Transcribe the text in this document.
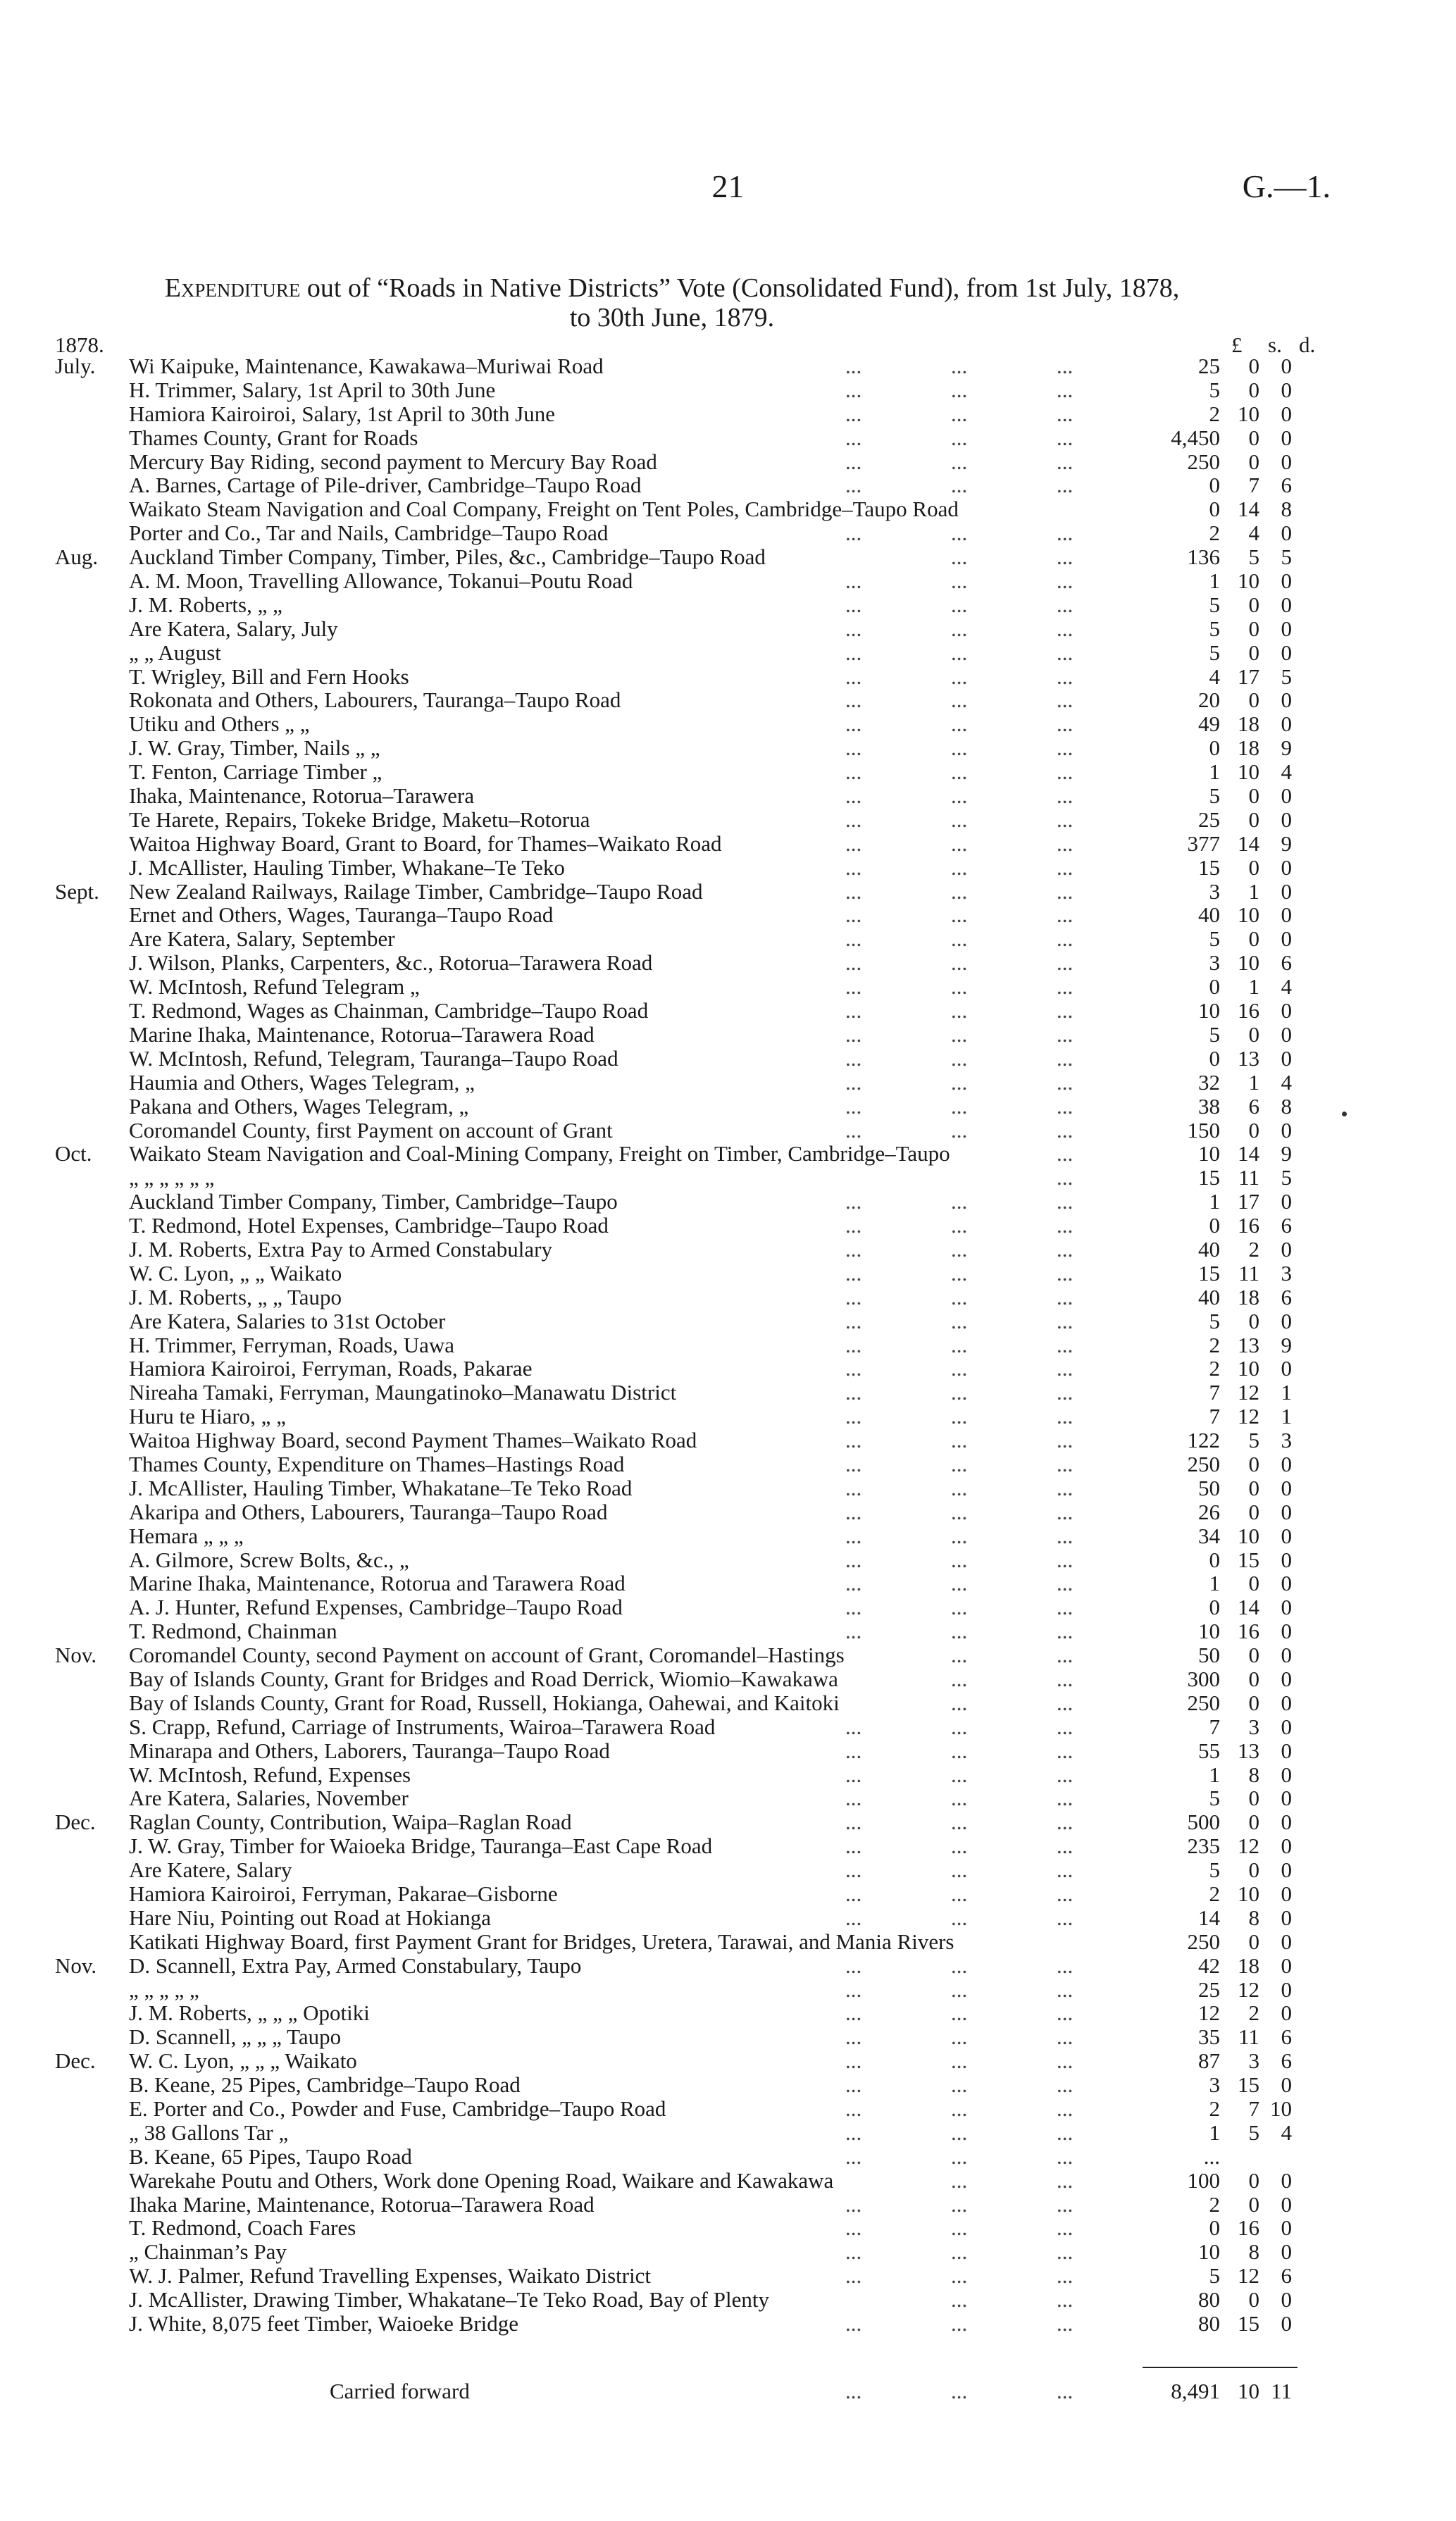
21	G.—1.
Expenditure out of “Roads in Native Districts” Vote (Consolidated Fund), from 1st July, 1878,
to 30th June, 1879.
1878.	£ s. d.
July. Wi Kaipuke, Maintenance, Kawakawa–Muriwai Road	...	...	...	25	0 0
H. Trimmer, Salary, 1st April to 30th June	...	...	...	5	0 0
Hamiora Kairoiroi, Salary, 1st April to 30th June	...	...	...	2 10 0
Thames County, Grant for Roads	...	...	...	4,450	0 0
Mercury Bay Riding, second payment to Mercury Bay Road	...	...	...	250	0 0
A. Barnes, Cartage of Pile-driver, Cambridge–Taupo Road	...	...	...	0	7 6
Waikato Steam Navigation and Coal Company, Freight on Tent Poles, Cambridge–Taupo Road	0 14 8
Porter and Co., Tar and Nails, Cambridge–Taupo Road	...	...	...	2	4 0
Aug. Auckland Timber Company, Timber, Piles, &c., Cambridge–Taupo Road	...	...	136	5 5
A. M. Moon, Travelling Allowance, Tokanui–Poutu Road	...	...	...	1 10 0
J. M. Roberts, „ „	...	...	...	5	0 0
Are Katera, Salary, July	...	...	...	5	0 0
„ „ August	...	...	...	5	0 0
T. Wrigley, Bill and Fern Hooks	...	...	...	4 17 5
Rokonata and Others, Labourers, Tauranga–Taupo Road	...	...	...	20	0 0
Utiku and Others „ „	...	...	...	49 18 0
J. W. Gray, Timber, Nails „ „	...	...	...	0 18 9
T. Fenton, Carriage Timber „	...	...	...	1 10 4
Ihaka, Maintenance, Rotorua–Tarawera	...	...	...	5	0 0
Te Harete, Repairs, Tokeke Bridge, Maketu–Rotorua	...	...	...	25	0 0
Waitoa Highway Board, Grant to Board, for Thames–Waikato Road	...	...	...	377 14 9
J. McAllister, Hauling Timber, Whakane–Te Teko	...	...	...	15	0 0
Sept. New Zealand Railways, Railage Timber, Cambridge–Taupo Road	...	...	...	3	1 0
Ernet and Others, Wages, Tauranga–Taupo Road	...	...	...	40 10 0
Are Katera, Salary, September	...	...	...	5	0 0
J. Wilson, Planks, Carpenters, &c., Rotorua–Tarawera Road	...	...	...	3 10 6
W. McIntosh, Refund Telegram „	...	...	...	0	1 4
T. Redmond, Wages as Chainman, Cambridge–Taupo Road	...	...	...	10 16 0
Marine Ihaka, Maintenance, Rotorua–Tarawera Road	...	...	...	5	0 0
W. McIntosh, Refund, Telegram, Tauranga–Taupo Road	...	...	...	0 13 0
Haumia and Others, Wages Telegram, „	...	...	...	32	1 4
Pakana and Others, Wages Telegram, „	...	...	...	38	6 8
Coromandel County, first Payment on account of Grant	...	...	...	150	0 0
Oct. Waikato Steam Navigation and Coal-Mining Company, Freight on Timber, Cambridge–Taupo	...	10 14 9
„ „ „ „ „ „	...	15 11 5
Auckland Timber Company, Timber, Cambridge–Taupo	...	...	...	1 17 0
T. Redmond, Hotel Expenses, Cambridge–Taupo Road	...	...	...	0 16 6
J. M. Roberts, Extra Pay to Armed Constabulary	...	...	...	40	2 0
W. C. Lyon, „ „ Waikato	...	...	...	15 11 3
J. M. Roberts, „ „ Taupo	...	...	...	40 18 6
Are Katera, Salaries to 31st October	...	...	...	5	0 0
H. Trimmer, Ferryman, Roads, Uawa	...	...	...	2 13 9
Hamiora Kairoiroi, Ferryman, Roads, Pakarae	...	...	...	2 10 0
Nireaha Tamaki, Ferryman, Maungatinoko–Manawatu District	...	...	...	7 12 1
Huru te Hiaro, „ „	...	...	...	7 12 1
Waitoa Highway Board, second Payment Thames–Waikato Road	...	...	...	122	5 3
Thames County, Expenditure on Thames–Hastings Road	...	...	...	250	0 0
J. McAllister, Hauling Timber, Whakatane–Te Teko Road	...	...	...	50	0 0
Akaripa and Others, Labourers, Tauranga–Taupo Road	...	...	...	26	0 0
Hemara „ „ „	...	...	...	34 10 0
A. Gilmore, Screw Bolts, &c., „	...	...	...	0 15 0
Marine Ihaka, Maintenance, Rotorua and Tarawera Road	...	...	...	1	0 0
A. J. Hunter, Refund Expenses, Cambridge–Taupo Road	...	...	...	0 14 0
T. Redmond, Chainman	...	...	...	10 16 0
Nov. Coromandel County, second Payment on account of Grant, Coromandel–Hastings	...	...	50	0 0
Bay of Islands County, Grant for Bridges and Road Derrick, Wiomio–Kawakawa	...	...	300	0 0
Bay of Islands County, Grant for Road, Russell, Hokianga, Oahewai, and Kaitoki	...	...	250	0 0
S. Crapp, Refund, Carriage of Instruments, Wairoa–Tarawera Road	...	...	...	7	3 0
Minarapa and Others, Laborers, Tauranga–Taupo Road	...	...	...	55 13 0
W. McIntosh, Refund, Expenses	...	...	...	1	8 0
Are Katera, Salaries, November	...	...	...	5	0 0
Dec. Raglan County, Contribution, Waipa–Raglan Road	...	...	...	500	0 0
J. W. Gray, Timber for Waioeka Bridge, Tauranga–East Cape Road	...	...	...	235 12 0
Are Katere, Salary	...	...	...	5	0 0
Hamiora Kairoiroi, Ferryman, Pakarae–Gisborne	...	...	...	2 10 0
Hare Niu, Pointing out Road at Hokianga	...	...	...	14	8 0
Katikati Highway Board, first Payment Grant for Bridges, Uretera, Tarawai, and Mania Rivers	250	0 0
Nov. D. Scannell, Extra Pay, Armed Constabulary, Taupo	...	...	...	42 18 0
„ „ „ „ „	...	...	...	25 12 0
J. M. Roberts, „ „ „ Opotiki	...	...	...	12	2 0
D. Scannell, „ „ „ Taupo	...	...	...	35 11 6
Dec. W. C. Lyon, „ „ „ Waikato	...	...	...	87	3 6
B. Keane, 25 Pipes, Cambridge–Taupo Road	...	...	...	3 15 0
E. Porter and Co., Powder and Fuse, Cambridge–Taupo Road	...	...	...	2	7 10
„ 38 Gallons Tar „	...	...	...	1	5 4
B. Keane, 65 Pipes, Taupo Road	...	...	...	...
Warekahe Poutu and Others, Work done Opening Road, Waikare and Kawakawa	...	...	100	0 0
Ihaka Marine, Maintenance, Rotorua–Tarawera Road	...	...	...	2	0 0
T. Redmond, Coach Fares	...	...	...	0 16 0
„ Chainman’s Pay	...	...	...	10	8 0
W. J. Palmer, Refund Travelling Expenses, Waikato District	...	...	...	5 12 6
J. McAllister, Drawing Timber, Whakatane–Te Teko Road, Bay of Plenty	...	...	80	0 0
J. White, 8,075 feet Timber, Waioeke Bridge	...	...	...	80 15 0
Carried forward	...	...	...	8,491 10 11
